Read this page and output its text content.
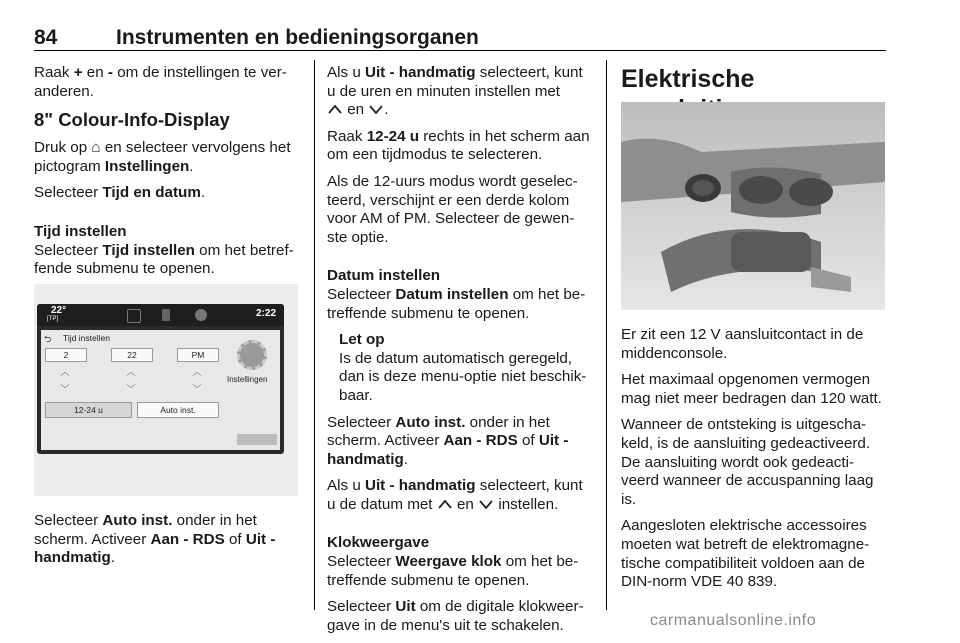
84	Instrumenten en bedieningsorganen

Raak + en - om de instellingen te ver-anderen.

8" Colour-Info-Display

Druk op ⌂ en selecteer vervolgens het pictogram Instellingen.

Selecteer Tijd en datum.

Tijd instellen

Selecteer Tijd instellen om het betref-fende submenu te openen.

22°
[TP]	2:22
⮌ Tijd instellen
2	22	PM
︿	︿	︿
﹀	﹀	﹀
12-24 u	Auto inst.
Instellingen

Selecteer Auto inst. onder in het scherm. Activeer Aan - RDS of Uit - handmatig.

Als u Uit - handmatig selecteert, kunt u de uren en minuten instellen met
en .

Raak 12-24 u rechts in het scherm aan om een tijdmodus te selecteren.

Als de 12-uurs modus wordt geselec-teerd, verschijnt er een derde kolom voor AM of PM. Selecteer de gewen-ste optie.

Datum instellen

Selecteer Datum instellen om het be-treffende submenu te openen.

Let op
Is de datum automatisch geregeld, dan is deze menu-optie niet beschik-baar.

Selecteer Auto inst. onder in het scherm. Activeer Aan - RDS of Uit - handmatig.

Als u Uit - handmatig selecteert, kunt u de datum met  en  instellen.

Klokweergave

Selecteer Weergave klok om het be-treffende submenu te openen.

Selecteer Uit om de digitale klokweer-gave in de menu's uit te schakelen.

Elektrische

Er zit een 12 V aansluitcontact in de middenconsole.

Het maximaal opgenomen vermogen mag niet meer bedragen dan 120 watt.

Wanneer de ontsteking is uitgescha-keld, is de aansluiting gedeactiveerd. De aansluiting wordt ook gedeacti-veerd wanneer de accuspanning laag is.

Aangesloten elektrische accessoires moeten wat betreft de elektromagne-tische compatibiliteit voldoen aan de DIN-norm VDE 40 839.

carmanualsonline.info
